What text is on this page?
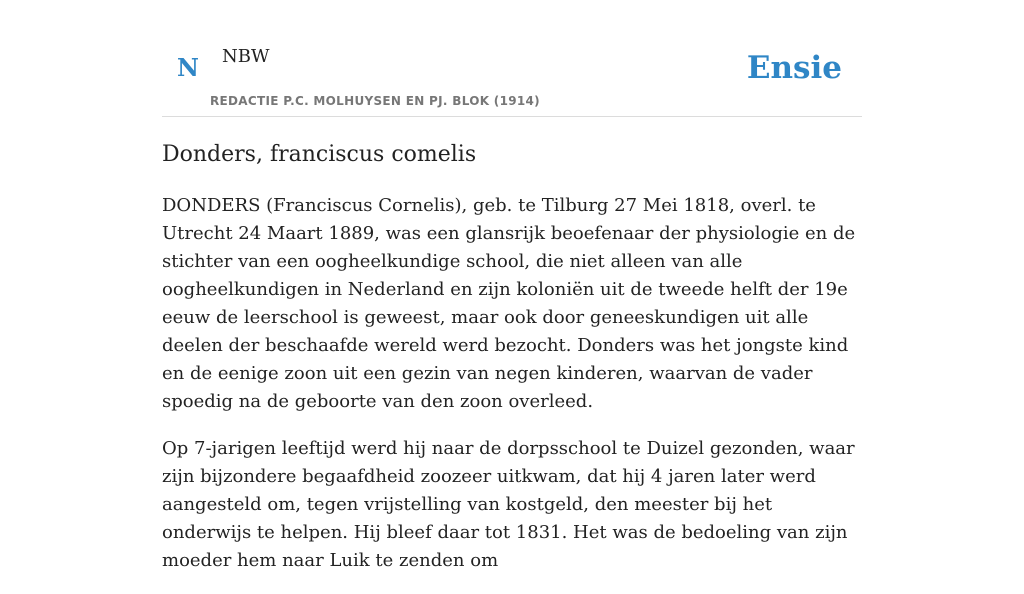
N NBW
REDACTIE P.C. MOLHUYSEN EN PJ. BLOK (1914)
Ensie
Donders, franciscus comelis

DONDERS (Franciscus Cornelis), geb. te Tilburg 27 Mei 1818, overl. te Utrecht 24 Maart 1889, was een glansrijk beoefenaar der physiologie en de stichter van een oogheelkundige school, die niet alleen van alle oogheelkundigen in Nederland en zijn koloniën uit de tweede helft der 19e eeuw de leerschool is geweest, maar ook door geneeskundigen uit alle deelen der beschaafde wereld werd bezocht. Donders was het jongste kind en de eenige zoon uit een gezin van negen kinderen, waarvan de vader spoedig na de geboorte van den zoon overleed.

Op 7-jarigen leeftijd werd hij naar de dorpsschool te Duizel gezonden, waar zijn bijzondere begaafdheid zoozeer uitkwam, dat hij 4 jaren later werd aangesteld om, tegen vrijstelling van kostgeld, den meester bij het onderwijs te helpen. Hij bleef daar tot 1831. Het was de bedoeling van zijn moeder hem naar Luik te zenden om
